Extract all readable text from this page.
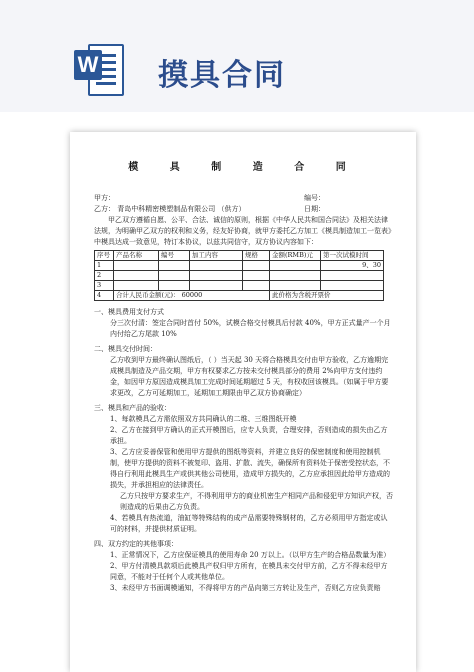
W 摸具合同
模 具 制 造 合 同
甲方：	编号：
乙方： 青岛中科精密模塑制品有限公司 （供方）	日期：

甲乙双方遵循自愿、公平、合法、诚信的原则，根据《中华人民共和国合同法》及相关法律法规，为明确甲乙双方的权利和义务，经友好协商，就甲方委托乙方加工《模具制造加工一览表》中模具达成一致意见，特订本协议，以兹共同信守，双方协议内容如下：

序号	产品名称	编号	加工内容	规格	金额(RMB)元	第一次试模时间
1						9、30
2						
3						
4	合计人民币金额(元)： 60000				此价格为含税开票价	

一、模具费用支付方式

分三次付清：签定合同时首付 50%，试模合格交付模具后付款 40%，甲方正式量产一个月内付给乙方尾款 10%

二、模具交付时间：

乙方收到甲方最终确认图纸后，（ ）当天起 30 天将合格模具交付由甲方验收，乙方逾期完成模具制造及产品交期，甲方有权要求乙方按未交付模具部分的费用 2%向甲方支付违约金，如因甲方原因造成模具加工完成时间延期超过 5 天，有权收回该模具。（如属于甲方要求更改，乙方可延期加工，延期加工期限由甲乙双方协商确定）

三、模具和产品的验收：

1、每款模具乙方需依照双方共同确认的二维、三维图纸开模

2、乙方在接到甲方确认的正式开模图后，应专人负责，合理安排，否则造成的损失由乙方承担。

3、乙方应妥善保管和使用甲方提供的图纸等资料，并建立良好的保密制度和使用控制机制，使甲方提供的资料不被复印、盗用、扩散、流失，确保所有资料处于保密受控状态，不得自行利用此模具生产或供其他公司使用，造成甲方损失的，乙方应承担因此给甲方造成的损失，并承担相应的法律责任。

乙方只按甲方要求生产，不得利用甲方的商业机密生产相同产品和侵犯甲方知识产权，否则造成的后果由乙方负责。

4、若模具有热流道，油缸等特殊结构的成产品需要特殊钢材的，乙方必须用甲方指定或认可的材料，并提供材质证明。

四、双方约定的其他事项：

1、正常情况下，乙方应保证模具的使用寿命 20 万以上。（以甲方生产的合格品数量为准）

2、甲方付清模具款项后此模具产权归甲方所有，在模具未交付甲方前，乙方不得未经甲方同意，不能对于任何个人或其他单位。

3、未经甲方书面调模通知，不得将甲方的产品向第三方转让及生产，否则乙方应负责赔
